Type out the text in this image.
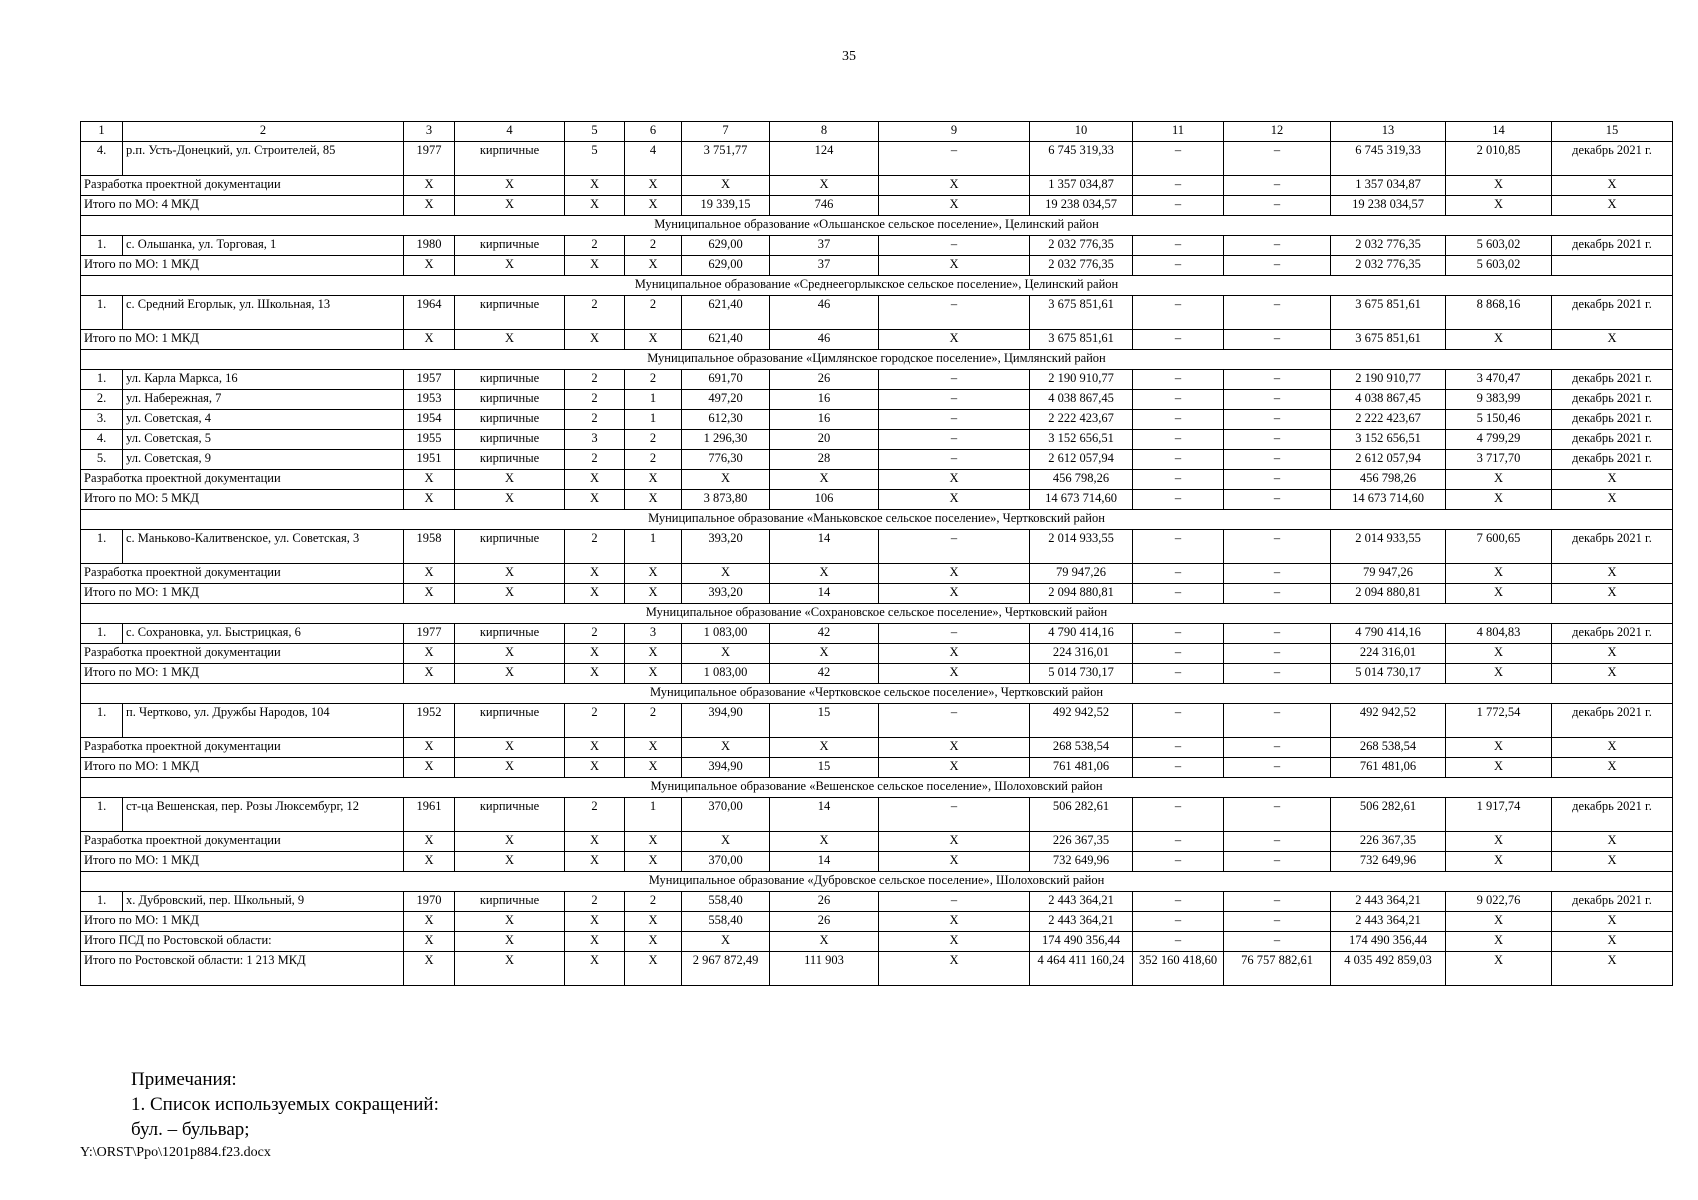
35
1	2	3	4	5	6	7	8	9	10	11	12	13	14	15
4.	р.п. Усть-Донецкий, ул. Строителей, 85	1977	кирпичные	5	4	3 751,77	124	–	6 745 319,33	–	–	6 745 319,33	2 010,85	декабрь 2021 г.
Разработка проектной документации		X	X	X	X	X	X	X	1 357 034,87	–	–	1 357 034,87	X	X
Итого по МО: 4 МКД		X	X	X	X	19 339,15	746	X	19 238 034,57	–	–	19 238 034,57	X	X
Муниципальное образование «Ольшанское сельское поселение», Целинский район														
1.	с. Ольшанка, ул. Торговая, 1	1980	кирпичные	2	2	629,00	37	–	2 032 776,35	–	–	2 032 776,35	5 603,02	декабрь 2021 г.
Итого по МО: 1 МКД		X	X	X	X	629,00	37	X	2 032 776,35	–	–	2 032 776,35	5 603,02	
Муниципальное образование «Среднеегорлыкское сельское поселение», Целинский район														
1.	с. Средний Егорлык, ул. Школьная, 13	1964	кирпичные	2	2	621,40	46	–	3 675 851,61	–	–	3 675 851,61	8 868,16	декабрь 2021 г.
Итого по МО: 1 МКД		X	X	X	X	621,40	46	X	3 675 851,61	–	–	3 675 851,61	X	X
Муниципальное образование «Цимлянское городское поселение», Цимлянский район														
1.	ул. Карла Маркса, 16	1957	кирпичные	2	2	691,70	26	–	2 190 910,77	–	–	2 190 910,77	3 470,47	декабрь 2021 г.
2.	ул. Набережная, 7	1953	кирпичные	2	1	497,20	16	–	4 038 867,45	–	–	4 038 867,45	9 383,99	декабрь 2021 г.
3.	ул. Советская, 4	1954	кирпичные	2	1	612,30	16	–	2 222 423,67	–	–	2 222 423,67	5 150,46	декабрь 2021 г.
4.	ул. Советская, 5	1955	кирпичные	3	2	1 296,30	20	–	3 152 656,51	–	–	3 152 656,51	4 799,29	декабрь 2021 г.
5.	ул. Советская, 9	1951	кирпичные	2	2	776,30	28	–	2 612 057,94	–	–	2 612 057,94	3 717,70	декабрь 2021 г.
Разработка проектной документации		X	X	X	X	X	X	X	456 798,26	–	–	456 798,26	X	X
Итого по МО: 5 МКД		X	X	X	X	3 873,80	106	X	14 673 714,60	–	–	14 673 714,60	X	X
Муниципальное образование «Маньковское сельское поселение», Чертковский район														
1.	с. Маньково-Калитвенское, ул. Советская, 3	1958	кирпичные	2	1	393,20	14	–	2 014 933,55	–	–	2 014 933,55	7 600,65	декабрь 2021 г.
Разработка проектной документации		X	X	X	X	X	X	X	79 947,26	–	–	79 947,26	X	X
Итого по МО: 1 МКД		X	X	X	X	393,20	14	X	2 094 880,81	–	–	2 094 880,81	X	X
Муниципальное образование «Сохрановское сельское поселение», Чертковский район														
1.	с. Сохрановка, ул. Быстрицкая, 6	1977	кирпичные	2	3	1 083,00	42	–	4 790 414,16	–	–	4 790 414,16	4 804,83	декабрь 2021 г.
Разработка проектной документации		X	X	X	X	X	X	X	224 316,01	–	–	224 316,01	X	X
Итого по МО: 1 МКД		X	X	X	X	1 083,00	42	X	5 014 730,17	–	–	5 014 730,17	X	X
Муниципальное образование «Чертковское сельское поселение», Чертковский район														
1.	п. Чертково, ул. Дружбы Народов, 104	1952	кирпичные	2	2	394,90	15	–	492 942,52	–	–	492 942,52	1 772,54	декабрь 2021 г.
Разработка проектной документации		X	X	X	X	X	X	X	268 538,54	–	–	268 538,54	X	X
Итого по МО: 1 МКД		X	X	X	X	394,90	15	X	761 481,06	–	–	761 481,06	X	X
Муниципальное образование «Вешенское сельское поселение», Шолоховский район														
1.	ст-ца Вешенская, пер. Розы Люксембург, 12	1961	кирпичные	2	1	370,00	14	–	506 282,61	–	–	506 282,61	1 917,74	декабрь 2021 г.
Разработка проектной документации		X	X	X	X	X	X	X	226 367,35	–	–	226 367,35	X	X
Итого по МО: 1 МКД		X	X	X	X	370,00	14	X	732 649,96	–	–	732 649,96	X	X
Муниципальное образование «Дубровское сельское поселение», Шолоховский район														
1.	х. Дубровский, пер. Школьный, 9	1970	кирпичные	2	2	558,40	26	–	2 443 364,21	–	–	2 443 364,21	9 022,76	декабрь 2021 г.
Итого по МО: 1 МКД		X	X	X	X	558,40	26	X	2 443 364,21	–	–	2 443 364,21	X	X
Итого ПСД по Ростовской области:		X	X	X	X	X	X	X	174 490 356,44	–	–	174 490 356,44	X	X
Итого по Ростовской области: 1 213 МКД		X	X	X	X	2 967 872,49	111 903	X	4 464 411 160,24	352 160 418,60	76 757 882,61	4 035 492 859,03	X	X
Примечания:
1. Список используемых сокращений:
бул. – бульвар;
Y:\ORST\Ppo\1201p884.f23.docx
